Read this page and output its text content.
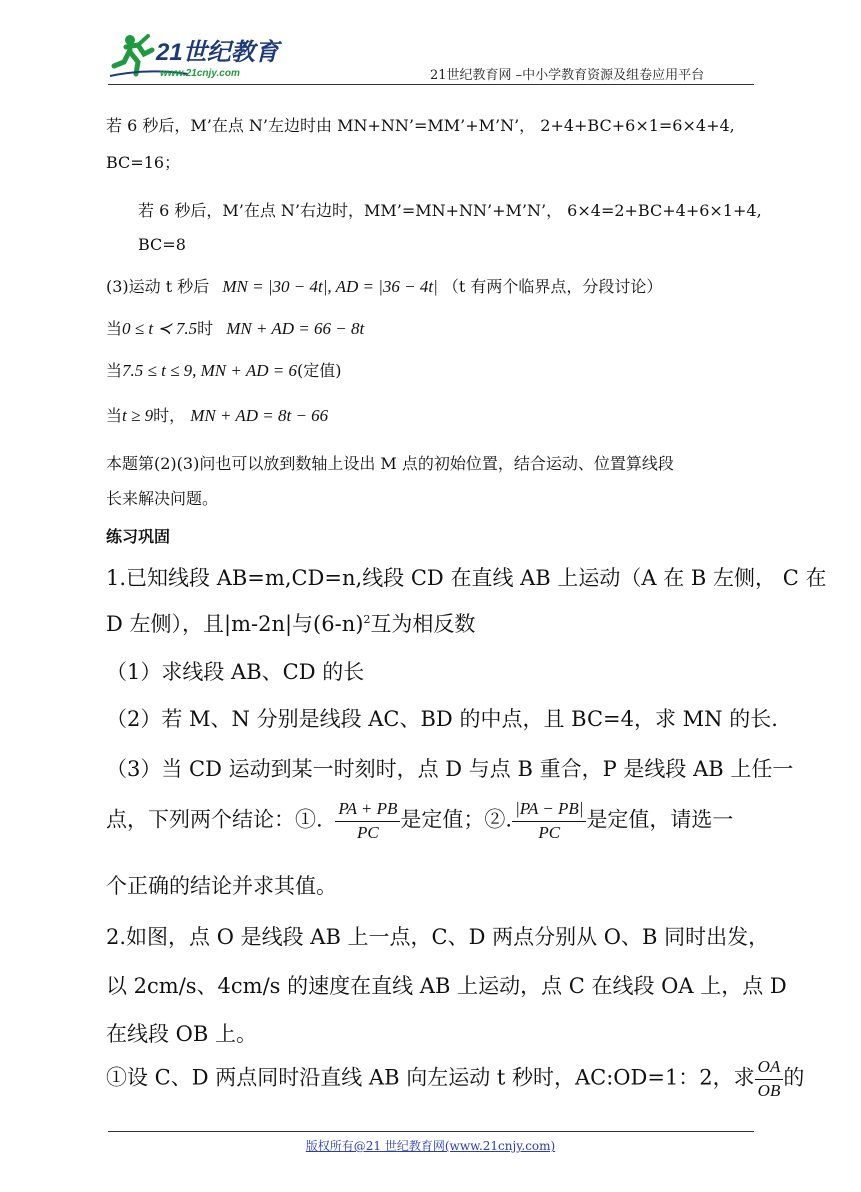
21世纪教育
www.21cnjy.com	21世纪教育网 –中小学教育资源及组卷应用平台
若 6 秒后，M’在点 N’左边时由 MN+NN’=MM’+M’N’， 2+4+BC+6×1=6×4+4,
BC=16；
若 6 秒后，M’在点 N’右边时，MM’=MN+NN’+M’N’， 6×4=2+BC+4+6×1+4,
BC=8
(3)运动 t 秒后 MN = |30 − 4t|, AD = |36 − 4t| （t 有两个临界点，分段讨论）
当0 ≤ t ≺ 7.5时 MN + AD = 66 − 8t
当7.5 ≤ t ≤ 9, MN + AD = 6(定值)
当t ≥ 9时， MN + AD = 8t − 66
本题第(2)(3)问也可以放到数轴上设出 M 点的初始位置，结合运动、位置算线段
长来解决问题。
练习巩固
1.已知线段 AB=m,CD=n,线段 CD 在直线 AB 上运动（A 在 B 左侧， C 在
D 左侧），且|m-2n|与$(6-n)^2$互为相反数
（1）求线段 AB、CD 的长
（2）若 M、N 分别是线段 AC、BD 的中点，且 BC=4，求 MN 的长.
（3）当 CD 运动到某一时刻时，点 D 与点 B 重合，P 是线段 AB 上任一
点，下列两个结论：①. $\frac{PA + PB}{PC}$ 是定值；②. $\frac{|PA - PB|}{PC}$ 是定值，请选一
个正确的结论并求其值。
2.如图，点 O 是线段 AB 上一点，C、D 两点分别从 O、B 同时出发，
以 2cm/s、4cm/s 的速度在直线 AB 上运动，点 C 在线段 OA 上，点 D
在线段 OB 上。
①设 C、D 两点同时沿直线 AB 向左运动 t 秒时，AC:OD=1：2，求 $\frac{OA}{OB}$ 的
版权所有@21 世纪教育网(www.21cnjy.com)
